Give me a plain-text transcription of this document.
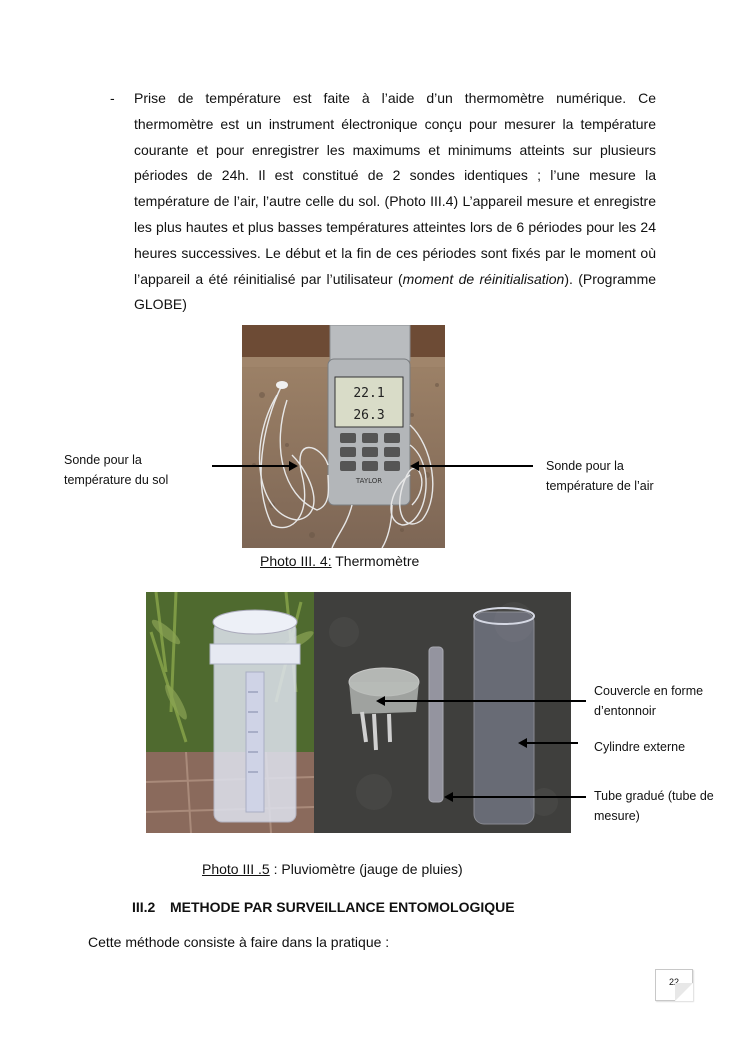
- Prise de température est faite à l’aide d’un thermomètre numérique. Ce thermomètre est un instrument électronique conçu pour mesurer la température courante et pour enregistrer les maximums et minimums atteints sur plusieurs périodes de 24h. Il est constitué de 2 sondes identiques ; l’une mesure la température de l’air, l’autre celle du sol. (Photo III.4) L’appareil mesure et enregistre les plus hautes et plus basses températures atteintes lors de 6 périodes pour les 24 heures successives. Le début et la fin de ces périodes sont fixés par le moment où l’appareil a été réinitialisé par l’utilisateur (moment de réinitialisation). (Programme GLOBE)

22.1
26.3
TAYLOR
Sonde pour la température du sol
Sonde pour la température de l’air
Photo III. 4: Thermomètre
Couvercle en forme d’entonnoir
Cylindre externe
Tube gradué (tube de mesure)
Photo III .5 : Pluviomètre (jauge de pluies)
III.2 METHODE PAR SURVEILLANCE ENTOMOLOGIQUE
Cette méthode consiste à faire dans la pratique :
22
